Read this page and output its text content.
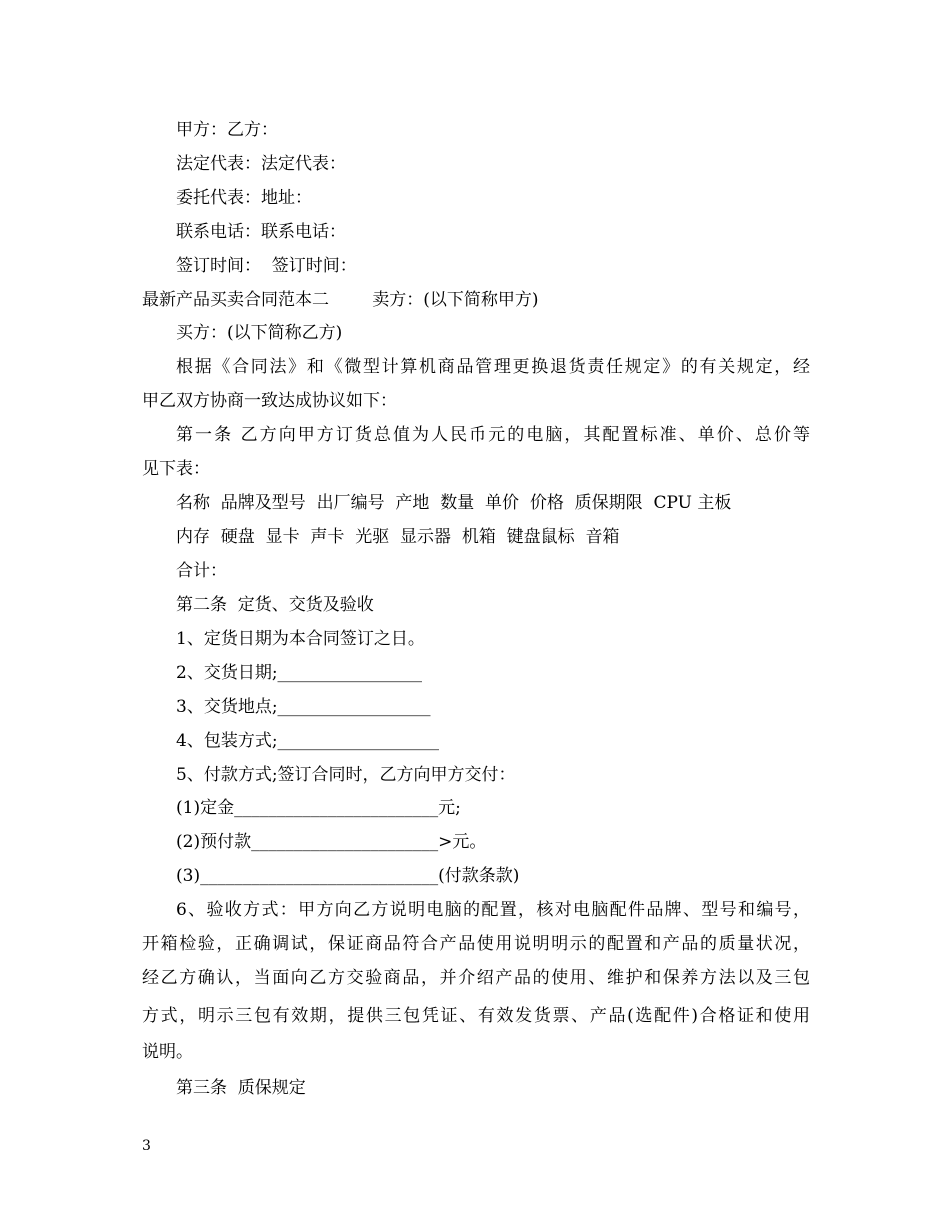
甲方：乙方：

法定代表：法定代表：

委托代表：地址：

联系电话：联系电话：

签订时间：  签订时间：

最新产品买卖合同范本二        卖方：(以下简称甲方)

买方：(以下简称乙方)

根据《合同法》和《微型计算机商品管理更换退货责任规定》的有关规定，经

甲乙双方协商一致达成协议如下：

第一条 乙方向甲方订货总值为人民币元的电脑，其配置标准、单价、总价等

见下表：

名称  品牌及型号  出厂编号  产地  数量  单价  价格  质保期限  CPU 主板

内存  硬盘  显卡  声卡  光驱  显示器  机箱  键盘鼠标  音箱

合计：

第二条  定货、交货及验收

1、定货日期为本合同签订之日。

2、交货日期;_________________

3、交货地点;__________________

4、包装方式;___________________

5、付款方式;签订合同时，乙方向甲方交付：

(1)定金________________________元;

(2)预付款______________________>元。

(3)____________________________(付款条款)

6、验收方式：甲方向乙方说明电脑的配置，核对电脑配件品牌、型号和编号，

开箱检验，正确调试，保证商品符合产品使用说明明示的配置和产品的质量状况，

经乙方确认，当面向乙方交验商品，并介绍产品的使用、维护和保养方法以及三包

方式，明示三包有效期，提供三包凭证、有效发货票、产品(选配件)合格证和使用

说明。

第三条  质保规定

3
